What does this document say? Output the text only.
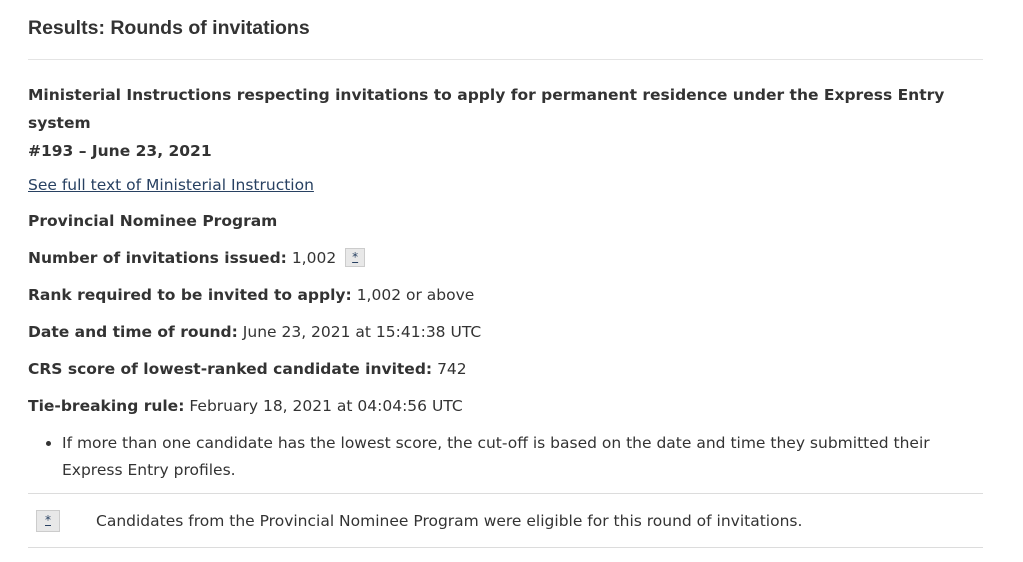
Results: Rounds of invitations
Ministerial Instructions respecting invitations to apply for permanent residence under the Express Entry system
#193 – June 23, 2021
See full text of Ministerial Instruction

Provincial Nominee Program

Number of invitations issued: 1,002 *

Rank required to be invited to apply: 1,002 or above

Date and time of round: June 23, 2021 at 15:41:38 UTC

CRS score of lowest-ranked candidate invited: 742

Tie-breaking rule: February 18, 2021 at 04:04:56 UTC

• If more than one candidate has the lowest score, the cut-off is based on the date and time they submitted their Express Entry profiles.
*	Candidates from the Provincial Nominee Program were eligible for this round of invitations.
